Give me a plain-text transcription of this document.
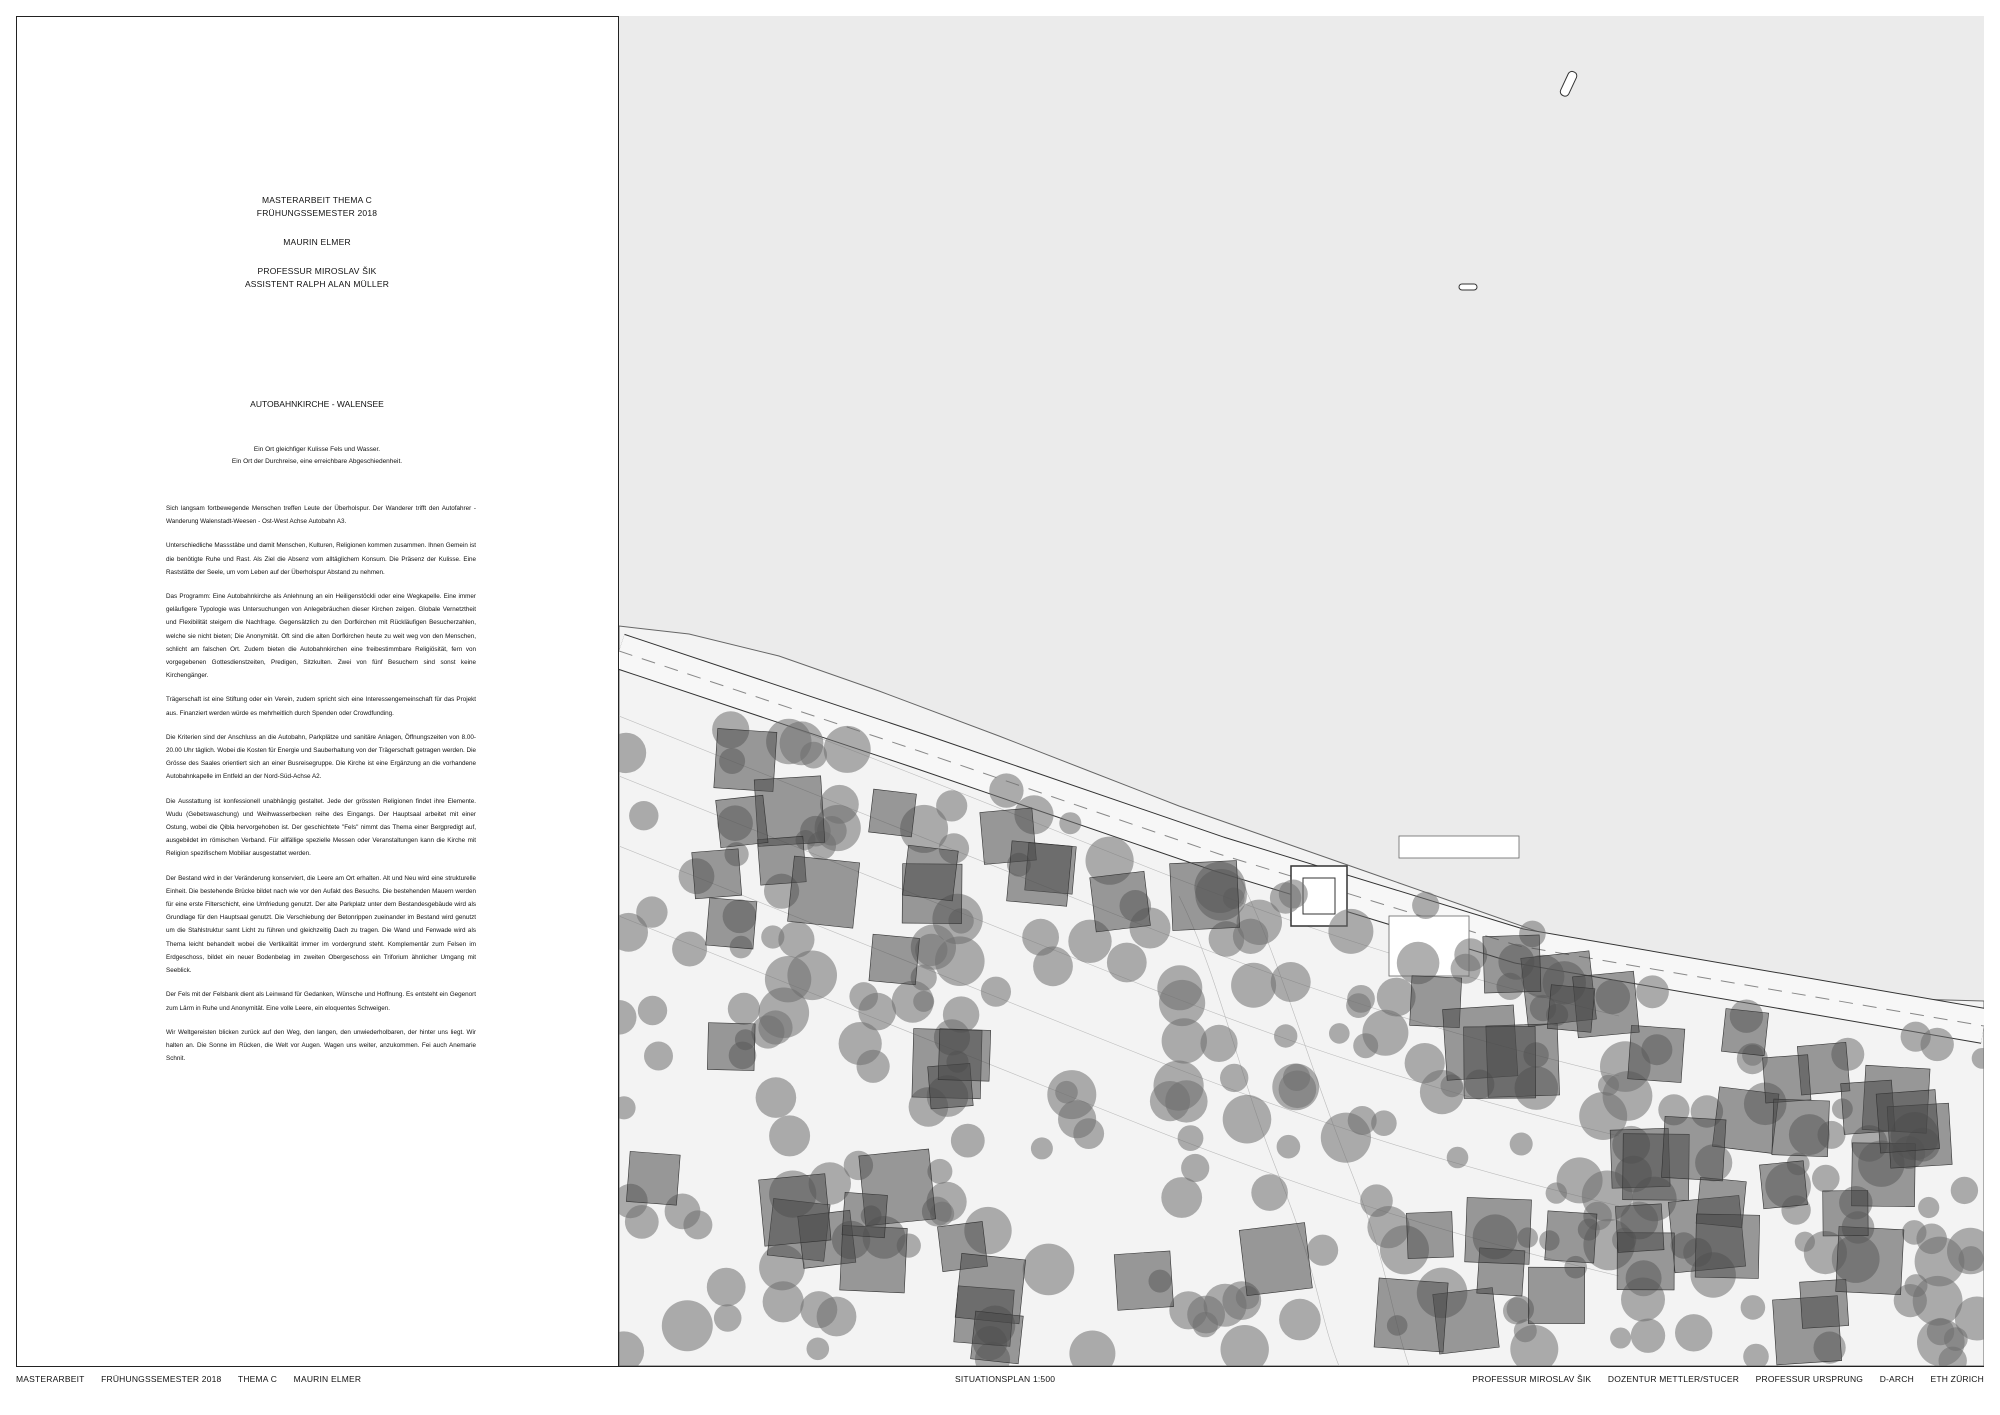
MASTERARBEIT THEMA C

FRÜHUNGSSEMESTER 2018

MAURIN ELMER

PROFESSUR MIROSLAV ŠIK

ASSISTENT RALPH ALAN MÜLLER

AUTOBAHNKIRCHE - WALENSEE
Ein Ort gleichfiger Kulisse Fels und Wasser.
Ein Ort der Durchreise, eine erreichbare Abgeschiedenheit.

Sich langsam fortbewegende Menschen treffen Leute der Überholspur. Der Wanderer trifft den Autofahrer - Wanderung Walenstadt-Weesen - Ost-West Achse Autobahn A3.

Unterschiedliche Massstäbe und damit Menschen, Kulturen, Religionen kommen zusammen. Ihnen Gemein ist die benötigte Ruhe und Rast. Als Ziel die Absenz vom alltäglichem Konsum. Die Präsenz der Kulisse. Eine Raststätte der Seele, um vom Leben auf der Überholspur Abstand zu nehmen.

Das Programm: Eine Autobahnkirche als Anlehnung an ein Heiligenstöckli oder eine Wegkapelle. Eine immer geläufigere Typologie was Untersuchungen von Anlegebräuchen dieser Kirchen zeigen. Globale Vernetztheit und Flexibilität steigern die Nachfrage. Gegensätzlich zu den Dorfkirchen mit Rückläufigen Besucherzahlen, welche sie nicht bieten; Die Anonymität. Oft sind die alten Dorfkirchen heute zu weit weg von den Menschen, schlicht am falschen Ort. Zudem bieten die Autobahnkirchen eine freibestimmbare Religiösität, fern von vorgegebenen Gottesdienstzeiten, Predigen, Sitzkulten. Zwei von fünf Besuchern sind sonst keine Kirchengänger.

Trägerschaft ist eine Stiftung oder ein Verein, zudem spricht sich eine Interessengemeinschaft für das Projekt aus. Finanziert werden würde es mehrheitlich durch Spenden oder Crowdfunding.

Die Kriterien sind der Anschluss an die Autobahn, Parkplätze und sanitäre Anlagen, Öffnungszeiten von 8.00-20.00 Uhr täglich. Wobei die Kosten für Energie und Sauberhaltung von der Trägerschaft getragen werden. Die Grösse des Saales orientiert sich an einer Busreisegruppe. Die Kirche ist eine Ergänzung an die vorhandene Autobahnkapelle im Entfeld an der Nord-Süd-Achse A2.

Die Ausstattung ist konfessionell unabhängig gestaltet. Jede der grössten Religionen findet ihre Elemente. Wudu (Gebetswaschung) und Weihwasserbecken reihe des Eingangs. Der Hauptsaal arbeitet mit einer Ostung, wobei die Qibla hervorgehoben ist. Der geschichtete "Fels" nimmt das Thema einer Bergpredigt auf, ausgebildet im römischen Verband. Für allfällige spezielle Messen oder Veranstaltungen kann die Kirche mit Religion spezifischem Mobiliar ausgestattet werden.

Der Bestand wird in der Veränderung konserviert, die Leere am Ort erhalten. Alt und Neu wird eine strukturelle Einheit. Die bestehende Brücke bildet nach wie vor den Aufakt des Besuchs. Die bestehenden Mauern werden für eine erste Filterschicht, eine Umfriedung genutzt. Der alte Parkplatz unter dem Bestandesgebäude wird als Grundlage für den Hauptsaal genutzt. Die Verschiebung der Betonrippen zueinander im Bestand wird genutzt um die Stahlstruktur samt Licht zu führen und gleichzeitig Dach zu tragen. Die Wand und Fenwade wird als Thema leicht behandelt wobei die Vertikalität immer im vordergrund steht. Komplementär zum Felsen im Erdgeschoss, bildet ein neuer Bodenbelag im zweiten Obergeschoss ein Triforium ähnlicher Umgang mit Seeblick.

Der Fels mit der Felsbank dient als Leinwand für Gedanken, Wünsche und Hoffnung. Es entsteht ein Gegenort zum Lärm in Ruhe und Anonymität. Eine volle Leere, ein eloquentes Schweigen.

Wir Weltgereisten blicken zurück auf den Weg, den langen, den unwiederholbaren, der hinter uns liegt. Wir halten an. Die Sonne im Rücken, die Welt vor Augen. Wagen uns weiter, anzukommen. Fei auch Anemarie Schnit.

MASTERARBEIT FRÜHUNGSSEMESTER 2018 THEMA C MAURIN ELMER	SITUATIONSPLAN 1:500	PROFESSUR MIROSLAV ŠIK DOZENTUR METTLER/STUCER PROFESSUR URSPRUNG D-ARCH ETH ZÜRICH
